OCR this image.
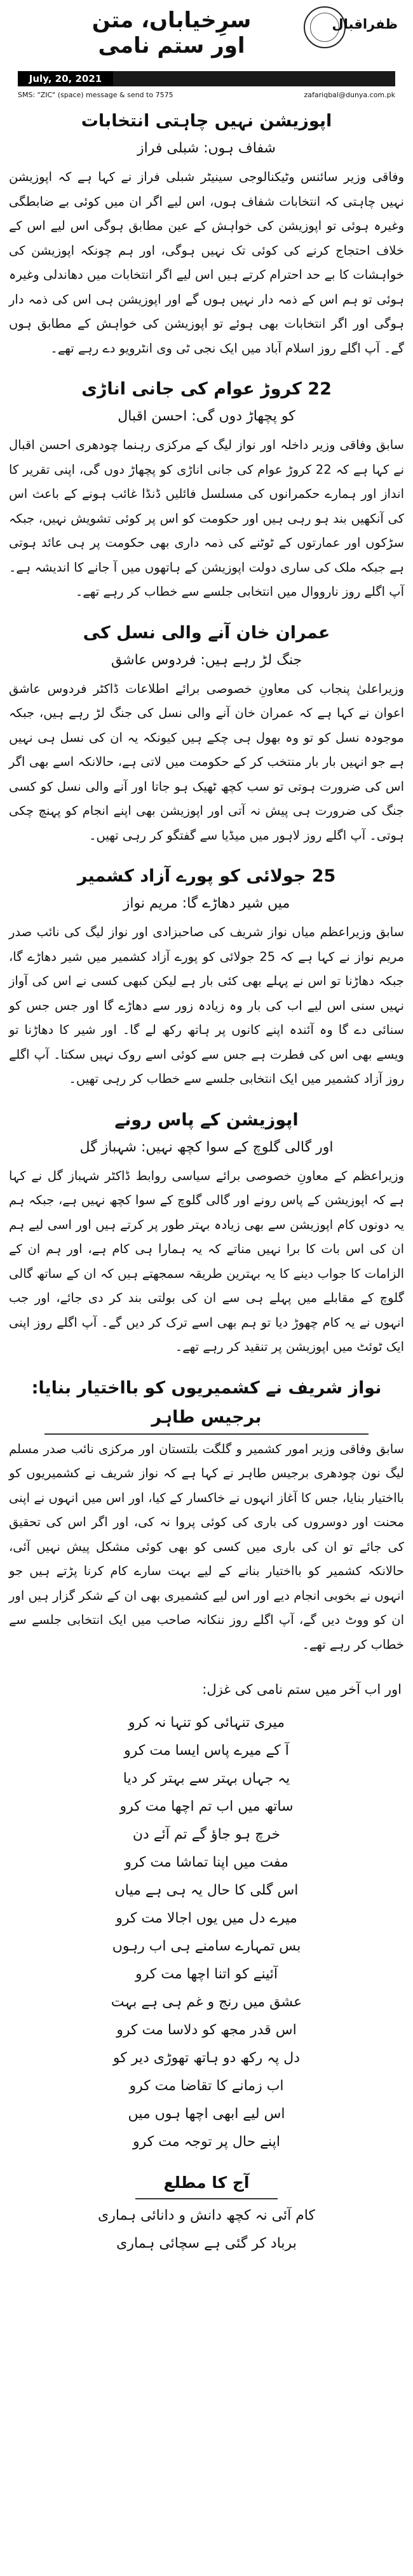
سرِخیاباں، متن اور ستم نامی
ظفراقبال
July, 20, 2021
SMS: "ZIC" (space) message & send to 7575	zafariqbal@dunya.com.pk
اپوزیشن نہیں چاہتی انتخابات
شفاف ہوں: شبلی فراز

وفاقی وزیر سائنس وٹیکنالوجی سینیٹر شبلی فراز نے کہا ہے کہ اپوزیشن نہیں چاہتی کہ انتخابات شفاف ہوں، اس لیے اگر ان میں کوئی بے ضابطگی وغیرہ ہوئی تو اپوزیشن کی خواہش کے عین مطابق ہوگی اس لیے اس کے خلاف احتجاج کرنے کی کوئی تک نہیں ہوگی، اور ہم چونکہ اپوزیشن کی خواہشات کا بے حد احترام کرتے ہیں اس لیے اگر انتخابات میں دھاندلی وغیرہ ہوئی تو ہم اس کے ذمہ دار نہیں ہوں گے اور اپوزیشن ہی اس کی ذمہ دار ہوگی اور اگر انتخابات بھی ہوئے تو اپوزیشن کی خواہش کے مطابق ہوں گے۔ آپ اگلے روز اسلام آباد میں ایک نجی ٹی وی انٹرویو دے رہے تھے۔

22 کروڑ عوام کی جانی اناڑی
کو پچھاڑ دوں گی: احسن اقبال

سابق وفاقی وزیر داخلہ اور نواز لیگ کے مرکزی رہنما چودھری احسن اقبال نے کہا ہے کہ 22 کروڑ عوام کی جانی اناڑی کو پچھاڑ دوں گی، اپنی تقریر کا انداز اور ہمارے حکمرانوں کی مسلسل فائلیں ڈنڈا غائب ہونے کے باعث اس کی آنکھیں بند ہو رہی ہیں اور حکومت کو اس پر کوئی تشویش نہیں، جبکہ سڑکوں اور عمارتوں کے ٹوٹنے کی ذمہ داری بھی حکومت پر ہی عائد ہوتی ہے جبکہ ملک کی ساری دولت اپوزیشن کے ہاتھوں میں آ جانے کا اندیشہ ہے۔ آپ اگلے روز نارووال میں انتخابی جلسے سے خطاب کر رہے تھے۔

عمران خان آنے والی نسل کی
جنگ لڑ رہے ہیں: فردوس عاشق

وزیراعلیٰ پنجاب کی معاونِ خصوصی برائے اطلاعات ڈاکٹر فردوس عاشق اعوان نے کہا ہے کہ عمران خان آنے والی نسل کی جنگ لڑ رہے ہیں، جبکہ موجودہ نسل کو تو وہ بھول ہی چکے ہیں کیونکہ یہ ان کی نسل ہی نہیں ہے جو انہیں بار بار منتخب کر کے حکومت میں لاتی ہے، حالانکہ اسے بھی اگر اس کی ضرورت ہوتی تو سب کچھ ٹھیک ہو جاتا اور آنے والی نسل کو کسی جنگ کی ضرورت ہی پیش نہ آتی اور اپوزیشن بھی اپنے انجام کو پہنچ چکی ہوتی۔ آپ اگلے روز لاہور میں میڈیا سے گفتگو کر رہی تھیں۔

25 جولائی کو پورے آزاد کشمیر
میں شیر دھاڑے گا: مریم نواز

سابق وزیراعظم میاں نواز شریف کی صاحبزادی اور نواز لیگ کی نائب صدر مریم نواز نے کہا ہے کہ 25 جولائی کو پورے آزاد کشمیر میں شیر دھاڑے گا، جبکہ دھاڑنا تو اس نے پہلے بھی کئی بار ہے لیکن کبھی کسی نے اس کی آواز نہیں سنی اس لیے اب کی بار وہ زیادہ زور سے دھاڑے گا اور جس جس کو سنائی دے گا وہ آئندہ اپنے کانوں پر ہاتھ رکھ لے گا۔ اور شیر کا دھاڑنا تو ویسے بھی اس کی فطرت ہے جس سے کوئی اسے روک نہیں سکتا۔ آپ اگلے روز آزاد کشمیر میں ایک انتخابی جلسے سے خطاب کر رہی تھیں۔

اپوزیشن کے پاس رونے
اور گالی گلوچ کے سوا کچھ نہیں: شہباز گل

وزیراعظم کے معاونِ خصوصی برائے سیاسی روابط ڈاکٹر شہباز گل نے کہا ہے کہ اپوزیشن کے پاس رونے اور گالی گلوچ کے سوا کچھ نہیں ہے، جبکہ ہم یہ دونوں کام اپوزیشن سے بھی زیادہ بہتر طور پر کرتے ہیں اور اسی لیے ہم ان کی اس بات کا برا نہیں مناتے کہ یہ ہمارا ہی کام ہے، اور ہم ان کے الزامات کا جواب دینے کا یہ بہترین طریقہ سمجھتے ہیں کہ ان کے ساتھ گالی گلوچ کے مقابلے میں پہلے ہی سے ان کی بولتی بند کر دی جائے، اور جب انہوں نے یہ کام چھوڑ دیا تو ہم بھی اسے ترک کر دیں گے۔ آپ اگلے روز اپنی ایک ٹوئٹ میں اپوزیشن پر تنقید کر رہے تھے۔

نواز شریف نے کشمیریوں کو بااختیار بنایا: برجیس طاہر

سابق وفاقی وزیر امور کشمیر و گلگت بلتستان اور مرکزی نائب صدر مسلم لیگ نون چودھری برجیس طاہر نے کہا ہے کہ نواز شریف نے کشمیریوں کو بااختیار بنایا، جس کا آغاز انہوں نے خاکسار کے کیا، اور اس میں انہوں نے اپنی محنت اور دوسروں کی باری کی کوئی پروا نہ کی، اور اگر اس کی تحقیق کی جائے تو ان کی باری میں کسی کو بھی کوئی مشکل پیش نہیں آئی، حالانکہ کشمیر کو بااختیار بنانے کے لیے بہت سارے کام کرنا پڑتے ہیں جو انہوں نے بخوبی انجام دیے اور اس لیے کشمیری بھی ان کے شکر گزار ہیں اور ان کو ووٹ دیں گے، آپ اگلے روز ننکانہ صاحب میں ایک انتخابی جلسے سے خطاب کر رہے تھے۔

اور اب آخر میں ستم نامی کی غزل:

میری تنہائی کو تنہا نہ کرو

آ کے میرے پاس ایسا مت کرو

یہ جہاں بہتر سے بہتر کر دیا

ساتھ میں اب تم اچھا مت کرو

خرچ ہو جاؤ گے تم آئے دن

مفت میں اپنا تماشا مت کرو

اس گلی کا حال یہ ہی ہے میاں

میرے دل میں یوں اجالا مت کرو

بس تمہارے سامنے ہی اب رہوں

آئینے کو اتنا اچھا مت کرو

عشق میں رنج و غم ہی ہے بہت

اس قدر مجھ کو دلاسا مت کرو

دل پہ رکھ دو ہاتھ تھوڑی دیر کو

اب زمانے کا تقاضا مت کرو

اس لیے ابھی اچھا ہوں میں

اپنے حال پر توجہ مت کرو

آج کا مطلع

کام آئی نہ کچھ دانش و دانائی ہماری

برباد کر گئی ہے سچائی ہماری
